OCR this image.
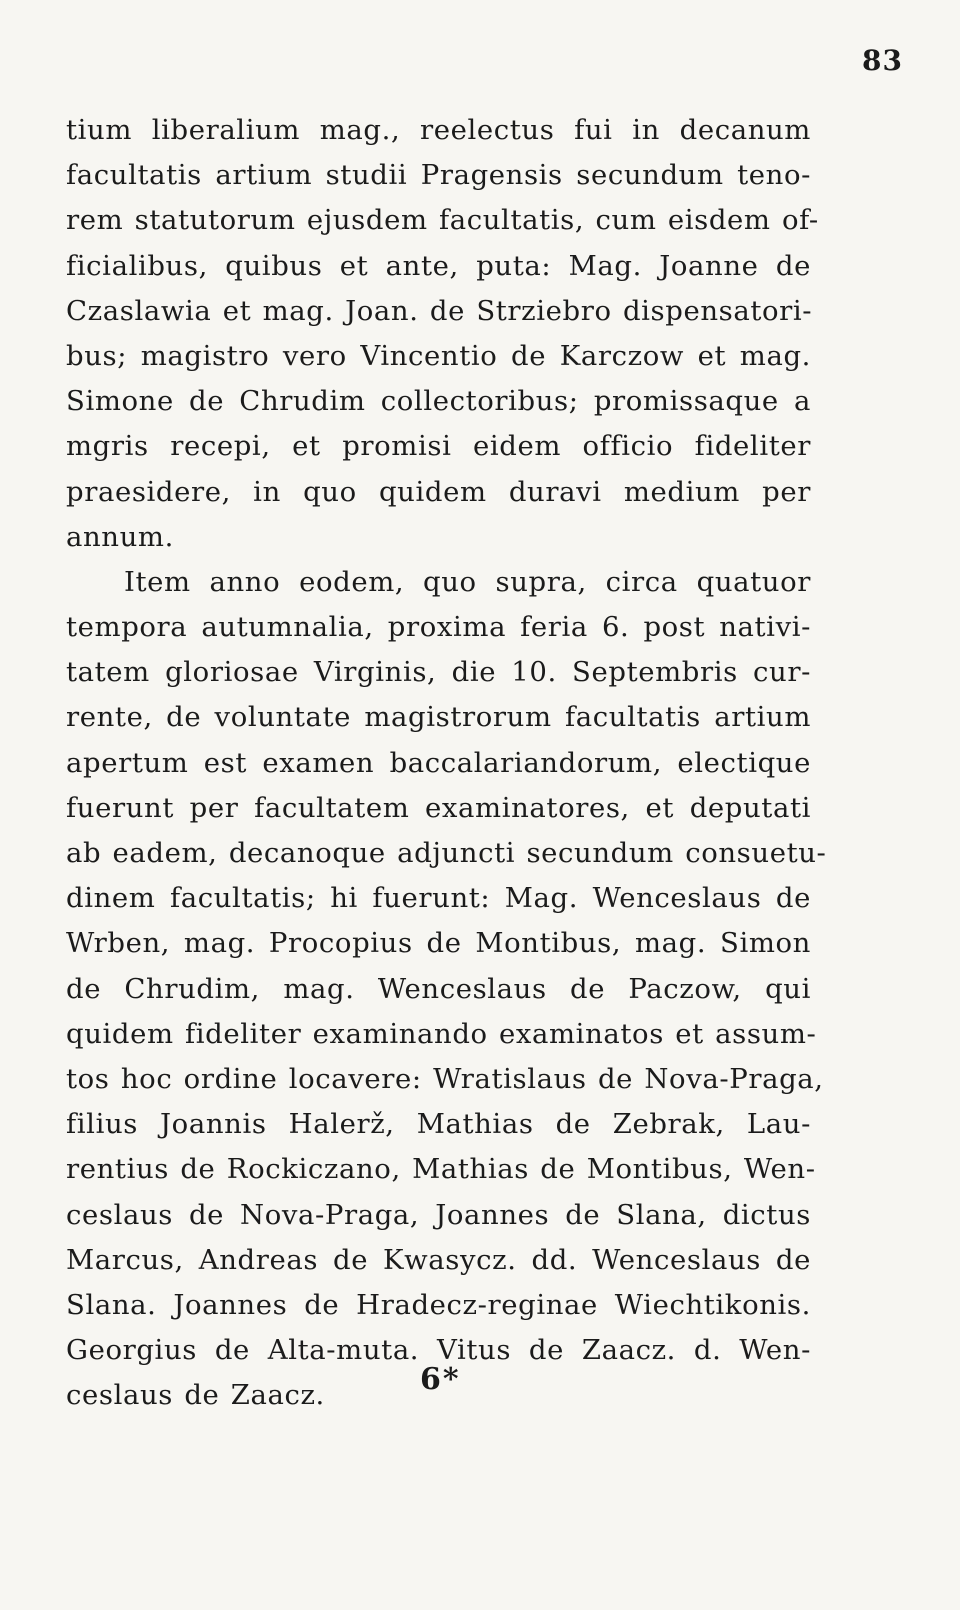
83
tium liberalium mag., reelectus fui in decanum
facultatis artium studii Pragensis secundum teno-
rem statutorum ejusdem facultatis, cum eisdem of-
ficialibus, quibus et ante, puta: Mag. Joanne de
Czaslawia et mag. Joan. de Strziebro dispensatori-
bus; magistro vero Vincentio de Karczow et mag.
Simone de Chrudim collectoribus; promissaque a
mgris recepi, et promisi eidem officio fideliter
praesidere, in quo quidem duravi medium per
annum.
Item anno eodem, quo supra, circa quatuor
tempora autumnalia, proxima feria 6. post nativi-
tatem gloriosae Virginis, die 10. Septembris cur-
rente, de voluntate magistrorum facultatis artium
apertum est examen baccalariandorum, electique
fuerunt per facultatem examinatores, et deputati
ab eadem, decanoque adjuncti secundum consuetu-
dinem facultatis; hi fuerunt: Mag. Wenceslaus de
Wrben, mag. Procopius de Montibus, mag. Simon
de Chrudim, mag. Wenceslaus de Paczow, qui
quidem fideliter examinando examinatos et assum-
tos hoc ordine locavere: Wratislaus de Nova-Praga,
filius Joannis Halerž, Mathias de Zebrak, Lau-
rentius de Rockiczano, Mathias de Montibus, Wen-
ceslaus de Nova-Praga, Joannes de Slana, dictus
Marcus, Andreas de Kwasycz. dd. Wenceslaus de
Slana. Joannes de Hradecz-reginae Wiechtikonis.
Georgius de Alta-muta. Vitus de Zaacz. d. Wen-
ceslaus de Zaacz.	6*
